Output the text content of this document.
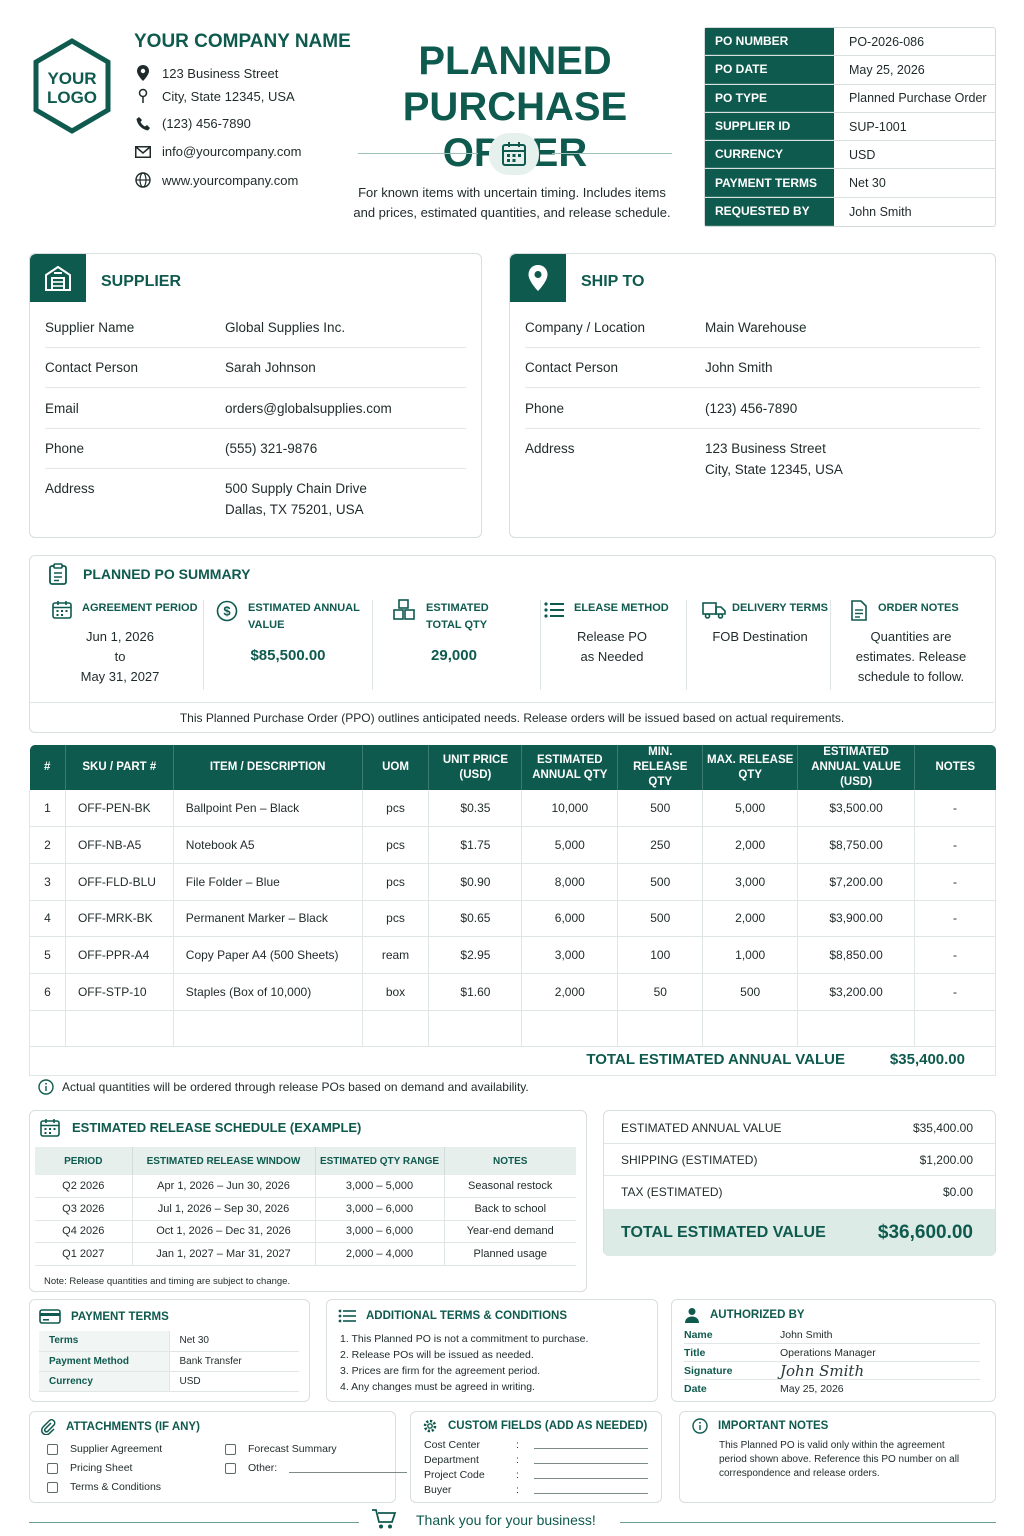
YOUR
LOGO
YOUR COMPANY NAME
123 Business Street
City, State 12345, USA
(123) 456-7890
info@yourcompany.com
www.yourcompany.com
PLANNED
PURCHASE
For known items with uncertain timing. Includes items and prices, estimated quantities, and release schedule.
PO NUMBER	PO-2026-086
PO DATE	May 25, 2026
PO TYPE	Planned Purchase Order
SUPPLIER ID	SUP-1001
CURRENCY	USD
PAYMENT TERMS	Net 30
REQUESTED BY	John Smith
SUPPLIER
Supplier Name	Global Supplies Inc.
Contact Person	Sarah Johnson
Email	orders@globalsupplies.com
Phone	(555) 321-9876
Address	500 Supply Chain Drive
Dallas, TX 75201, USA
SHIP TO
Company / Location	Main Warehouse
Contact Person	John Smith
Phone	(123) 456-7890
Address	123 Business Street
City, State 12345, USA
PLANNED PO SUMMARY
AGREEMENT PERIOD
Jun 1, 2026
to
May 31, 2027
$ ESTIMATED ANNUAL
VALUE
$85,500.00
ESTIMATED
TOTAL QTY
29,000
ELEASE METHOD
Release PO
as Needed
DELIVERY TERMS
FOB Destination
ORDER NOTES
Quantities are
estimates. Release
schedule to follow.
This Planned Purchase Order (PPO) outlines anticipated needs. Release orders will be issued based on actual requirements.
#	SKU / PART #	ITEM / DESCRIPTION	UOM	UNIT PRICE (USD)	ESTIMATED ANNUAL QTY	MIN. RELEASE QTY	MAX. RELEASE QTY	ESTIMATED ANNUAL VALUE (USD)	NOTES
1	OFF-PEN-BK	Ballpoint Pen – Black	pcs	$0.35	10,000	500	5,000	$3,500.00	-
2	OFF-NB-A5	Notebook A5	pcs	$1.75	5,000	250	2,000	$8,750.00	-
3	OFF-FLD-BLU	File Folder – Blue	pcs	$0.90	8,000	500	3,000	$7,200.00	-
4	OFF-MRK-BK	Permanent Marker – Black	pcs	$0.65	6,000	500	2,000	$3,900.00	-
5	OFF-PPR-A4	Copy Paper A4 (500 Sheets)	ream	$2.95	3,000	100	1,000	$8,850.00	-
6	OFF-STP-10	Staples (Box of 10,000)	box	$1.60	2,000	50	500	$3,200.00	-

TOTAL ESTIMATED ANNUAL VALUE	$35,400.00
Actual quantities will be ordered through release POs based on demand and availability.
ESTIMATED RELEASE SCHEDULE (EXAMPLE)
PERIOD	ESTIMATED RELEASE WINDOW	ESTIMATED QTY RANGE	NOTES
Q2 2026	Apr 1, 2026 – Jun 30, 2026	3,000 – 5,000	Seasonal restock
Q3 2026	Jul 1, 2026 – Sep 30, 2026	3,000 – 6,000	Back to school
Q4 2026	Oct 1, 2026 – Dec 31, 2026	3,000 – 6,000	Year-end demand
Q1 2027	Jan 1, 2027 – Mar 31, 2027	2,000 – 4,000	Planned usage
Note: Release quantities and timing are subject to change.
ESTIMATED ANNUAL VALUE	$35,400.00
SHIPPING (ESTIMATED)	$1,200.00
TAX (ESTIMATED)	$0.00
TOTAL ESTIMATED VALUE	$36,600.00
PAYMENT TERMS
Terms	Net 30
Payment Method	Bank Transfer
Currency	USD
ADDITIONAL TERMS & CONDITIONS
1. This Planned PO is not a commitment to purchase.
2. Release POs will be issued as needed.
3. Prices are firm for the agreement period.
4. Any changes must be agreed in writing.
AUTHORIZED BY
Name	John Smith
Title	Operations Manager
Signature	John Smith
Date	May 25, 2026
ATTACHMENTS (IF ANY)
Supplier Agreement
Pricing Sheet
Terms & Conditions
Forecast Summary
Other:
CUSTOM FIELDS (ADD AS NEEDED)
Cost Center	:
Department	:
Project Code	:
Buyer	:
IMPORTANT NOTES
This Planned PO is valid only within the agreement period shown above. Reference this PO number on all correspondence and release orders.
Thank you for your business!
